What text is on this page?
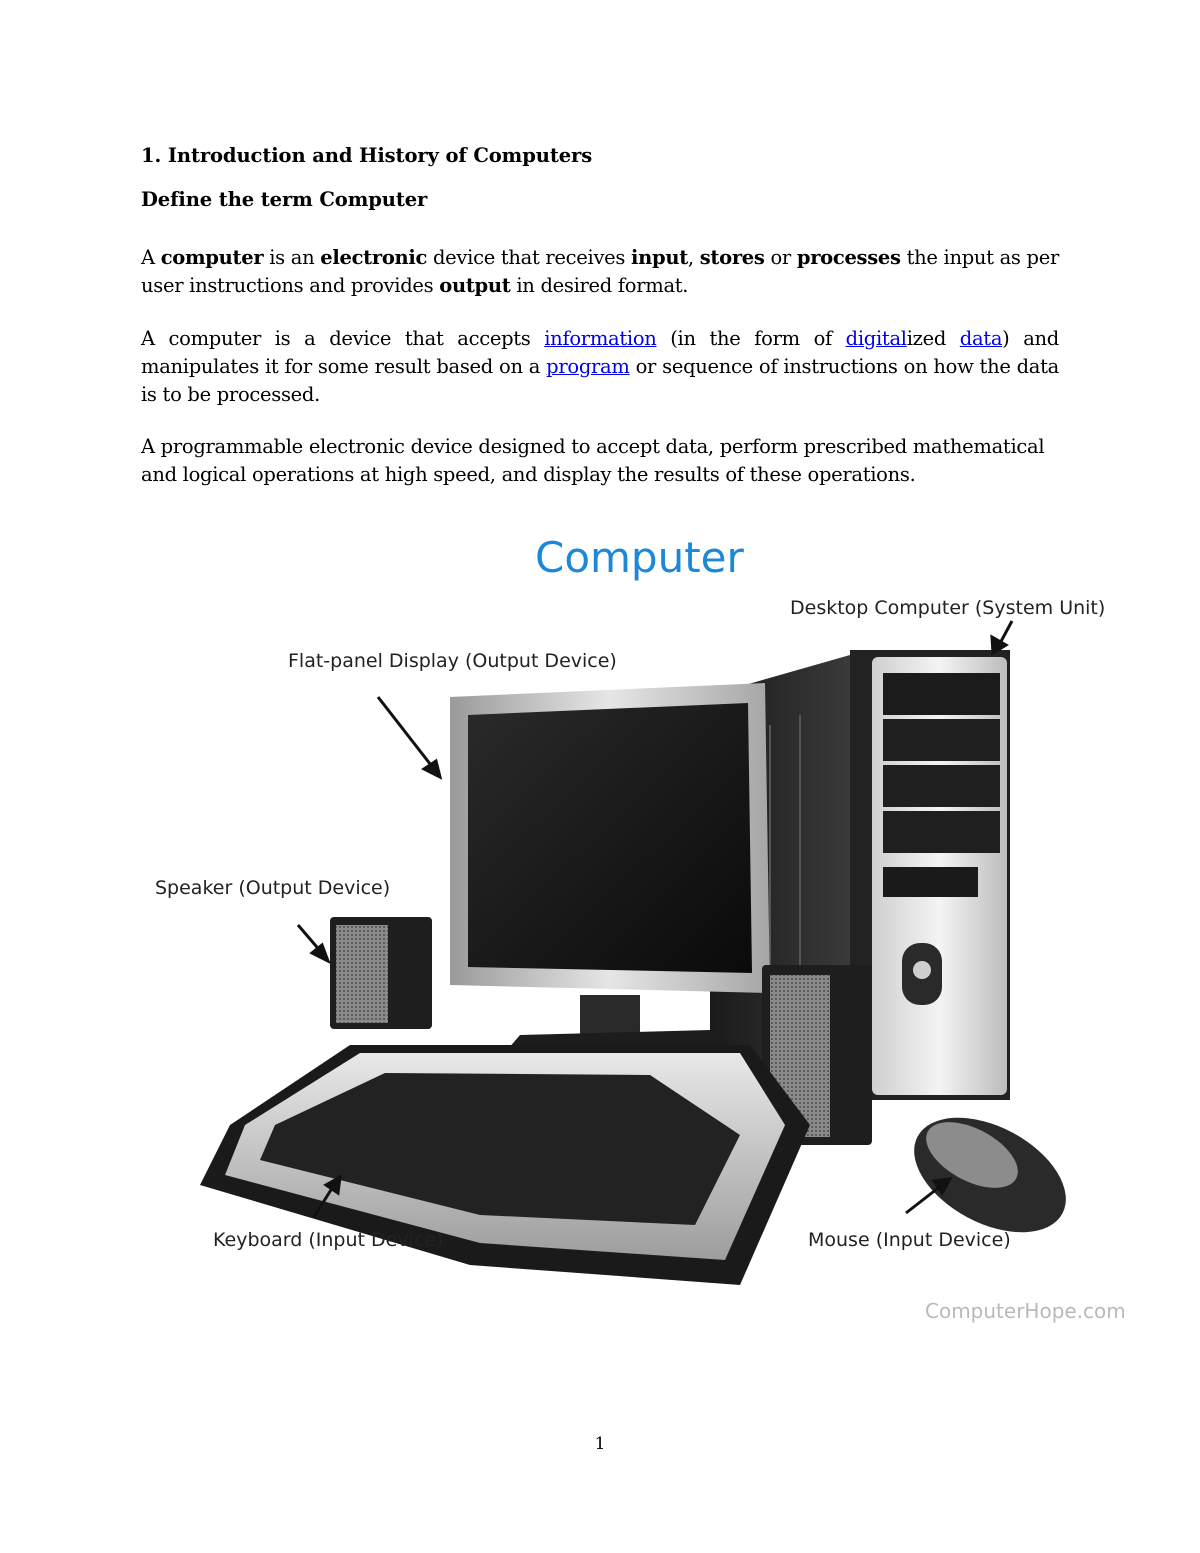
1. Introduction and History of Computers
Define the term Computer

A computer is an electronic device that receives input, stores or processes the input as per user instructions and provides output in desired format.

A computer is a device that accepts information (in the form of digitalized data) and manipulates it for some result based on a program or sequence of instructions on how the data is to be processed.

A programmable electronic device designed to accept data, perform prescribed mathematical and logical operations at high speed, and display the results of these operations.

Computer
Desktop Computer (System Unit)
Flat-panel Display (Output Device)
Speaker (Output Device)
Keyboard (Input Device)	Mouse (Input Device)
ComputerHope.com
1
